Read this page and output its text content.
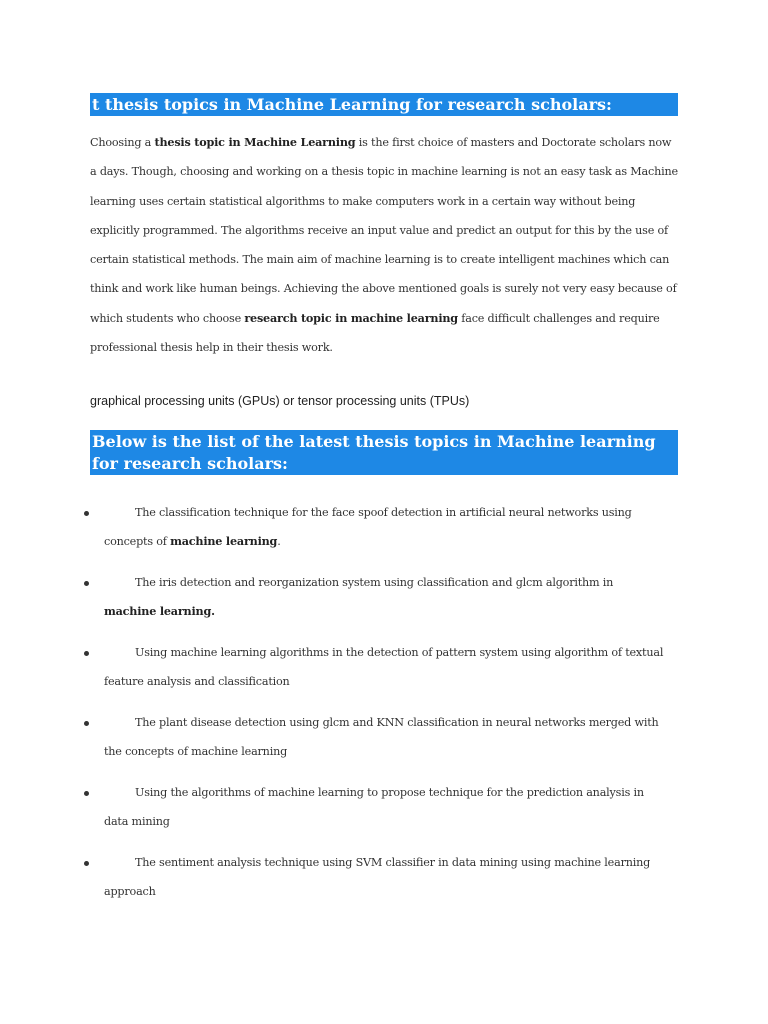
t thesis topics in Machine Learning for research scholars:

Choosing a thesis topic in Machine Learning is the first choice of masters and Doctorate scholars now a days. Though, choosing and working on a thesis topic in machine learning is not an easy task as Machine learning uses certain statistical algorithms to make computers work in a certain way without being explicitly programmed. The algorithms receive an input value and predict an output for this by the use of certain statistical methods. The main aim of machine learning is to create intelligent machines which can think and work like human beings. Achieving the above mentioned goals is surely not very easy because of which students who choose research topic in machine learning face difficult challenges and require professional thesis help in their thesis work.

graphical processing units (GPUs) or tensor processing units (TPUs)
Below is the list of the latest thesis topics in Machine learning for research scholars:

The classification technique for the face spoof detection in artificial neural networks using concepts of machine learning.

The iris detection and reorganization system using classification and glcm algorithm in machine learning.

Using machine learning algorithms in the detection of pattern system using algorithm of textual feature analysis and classification

The plant disease detection using glcm and KNN classification in neural networks merged with the concepts of machine learning

Using the algorithms of machine learning to propose technique for the prediction analysis in data mining

The sentiment analysis technique using SVM classifier in data mining using machine learning approach
